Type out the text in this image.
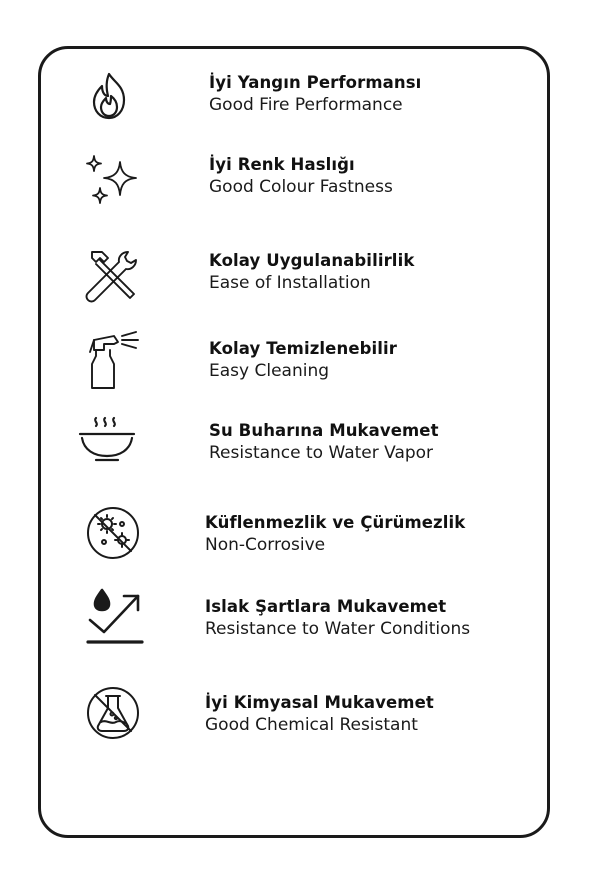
İyi Yangın Performansı
Good Fire Performance
İyi Renk Haslığı
Good Colour Fastness
Kolay Uygulanabilirlik
Ease of Installation
Kolay Temizlenebilir
Easy Cleaning
Su Buharına Mukavemet
Resistance to Water Vapor
Küflenmezlik ve Çürümezlik
Non-Corrosive
Islak Şartlara Mukavemet
Resistance to Water Conditions
İyi Kimyasal Mukavemet
Good Chemical Resistant
